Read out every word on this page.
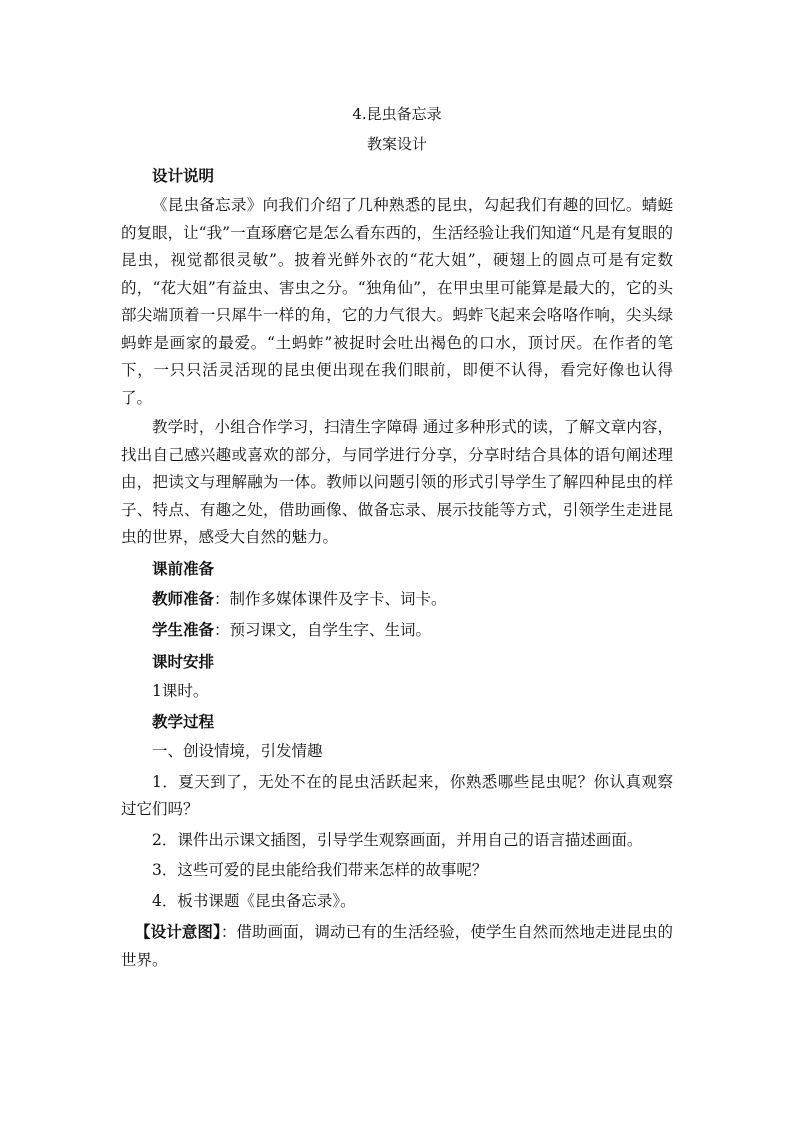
4.昆虫备忘录

教案设计

设计说明

《昆虫备忘录》向我们介绍了几种熟悉的昆虫，勾起我们有趣的回忆。蜻蜓的复眼，让“我”一直琢磨它是怎么看东西的，生活经验让我们知道“凡是有复眼的昆虫，视觉都很灵敏”。披着光鲜外衣的“花大姐”，硬翅上的圆点可是有定数的，“花大姐”有益虫、害虫之分。“独角仙”，在甲虫里可能算是最大的，它的头部尖端顶着一只犀牛一样的角，它的力气很大。蚂蚱飞起来会咯咯作响，尖头绿蚂蚱是画家的最爱。“土蚂蚱”被捉时会吐出褐色的口水，顶讨厌。在作者的笔下，一只只活灵活现的昆虫便出现在我们眼前，即便不认得，看完好像也认得了。

教学时，小组合作学习，扫清生字障碍 通过多种形式的读，了解文章内容，找出自己感兴趣或喜欢的部分，与同学进行分享，分享时结合具体的语句阐述理由，把读文与理解融为一体。教师以问题引领的形式引导学生了解四种昆虫的样子、特点、有趣之处，借助画像、做备忘录、展示技能等方式，引领学生走进昆虫的世界，感受大自然的魅力。

课前准备

教师准备：制作多媒体课件及字卡、词卡。

学生准备：预习课文，自学生字、生词。

课时安排

1课时。

教学过程

一、创设情境，引发情趣

1．夏天到了，无处不在的昆虫活跃起来，你熟悉哪些昆虫呢？你认真观察过它们吗？

2．课件出示课文插图，引导学生观察画面，并用自己的语言描述画面。

3．这些可爱的昆虫能给我们带来怎样的故事呢？

4．板书课题《昆虫备忘录》。

【设计意图】：借助画面，调动已有的生活经验，使学生自然而然地走进昆虫的世界。
